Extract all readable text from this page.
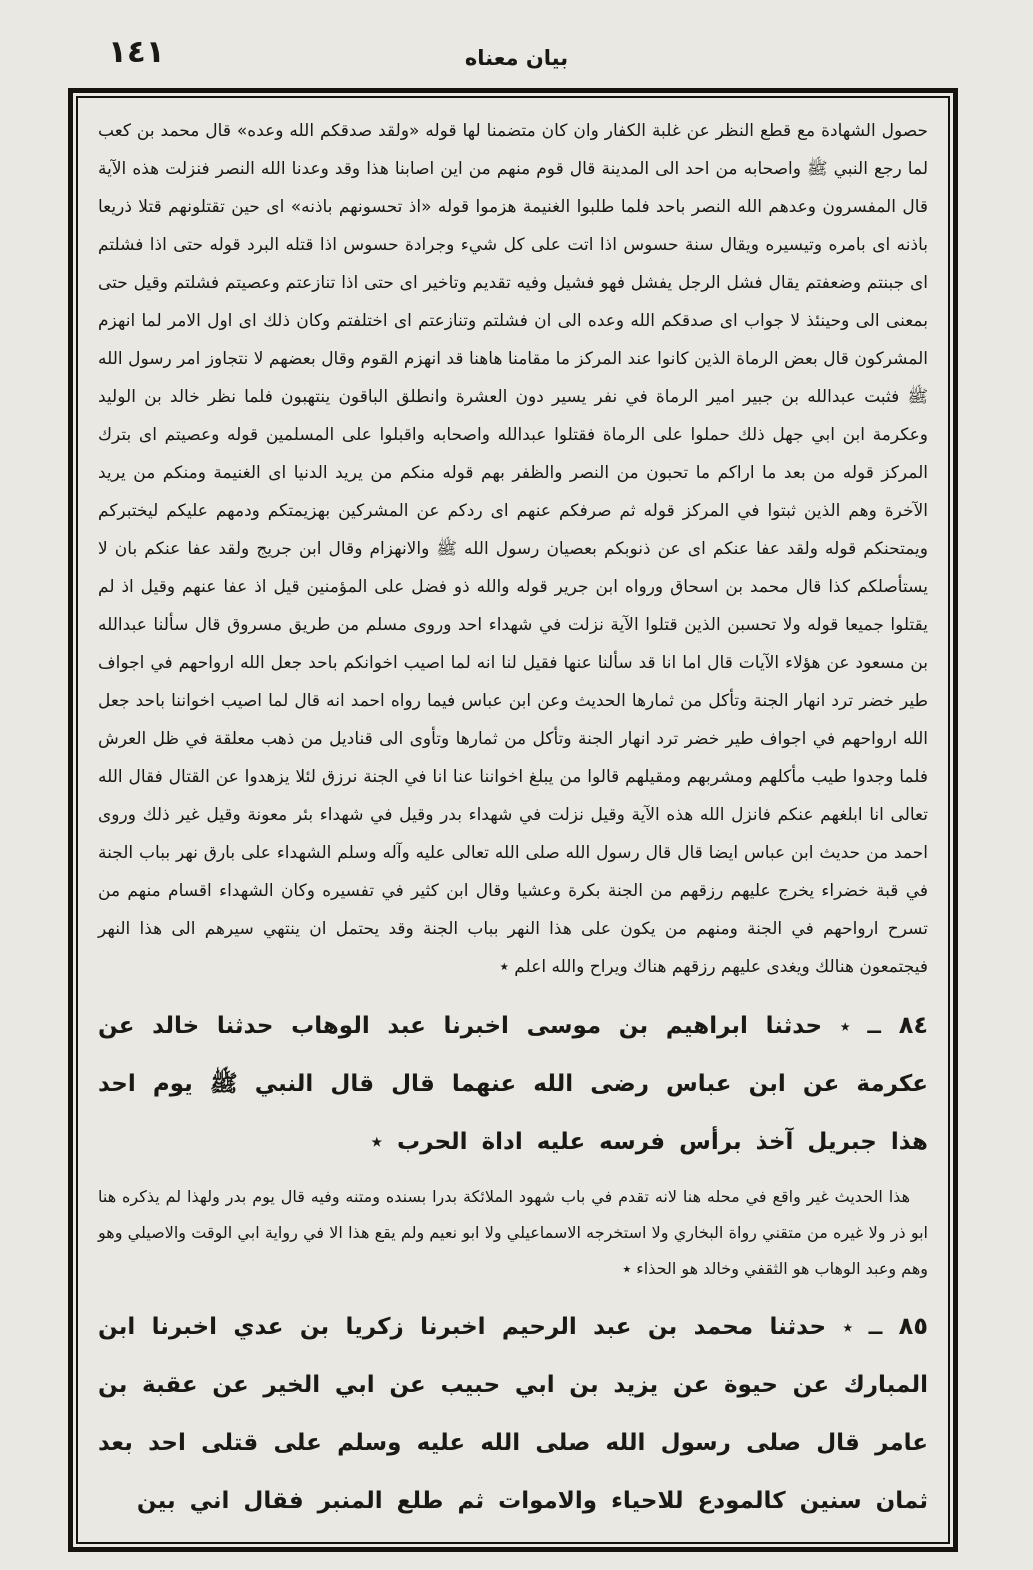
١٤١	بيان معناه

حصول الشهادة مع قطع النظر عن غلبة الكفار وان كان متضمنا لها قوله «ولقد صدقكم الله وعده» قال محمد بن كعب لما رجع النبي ﷺ واصحابه من احد الى المدينة قال قوم منهم من اين اصابنا هذا وقد وعدنا الله النصر فنزلت هذه الآية قال المفسرون وعدهم الله النصر باحد فلما طلبوا الغنيمة هزموا قوله «اذ تحسونهم باذنه» اى حين تقتلونهم قتلا ذريعا باذنه اى بامره وتيسيره ويقال سنة حسوس اذا اتت على كل شيء وجرادة حسوس اذا قتله البرد قوله حتى اذا فشلتم اى جبنتم وضعفتم يقال فشل الرجل يفشل فهو فشيل وفيه تقديم وتاخير اى حتى اذا تنازعتم وعصيتم فشلتم وقيل حتى بمعنى الى وحينئذ لا جواب اى صدقكم الله وعده الى ان فشلتم وتنازعتم اى اختلفتم وكان ذلك اى اول الامر لما انهزم المشركون قال بعض الرماة الذين كانوا عند المركز ما مقامنا هاهنا قد انهزم القوم وقال بعضهم لا نتجاوز امر رسول الله ﷺ فثبت عبدالله بن جبير امير الرماة في نفر يسير دون العشرة وانطلق الباقون ينتهبون فلما نظر خالد بن الوليد وعكرمة ابن ابي جهل ذلك حملوا على الرماة فقتلوا عبدالله واصحابه واقبلوا على المسلمين قوله وعصيتم اى بترك المركز قوله من بعد ما اراكم ما تحبون من النصر والظفر بهم قوله منكم من يريد الدنيا اى الغنيمة ومنكم من يريد الآخرة وهم الذين ثبتوا في المركز قوله ثم صرفكم عنهم اى ردكم عن المشركين بهزيمتكم ودمهم عليكم ليختبركم ويمتحنكم قوله ولقد عفا عنكم اى عن ذنوبكم بعصيان رسول الله ﷺ والانهزام وقال ابن جريج ولقد عفا عنكم بان لا يستأصلكم كذا قال محمد بن اسحاق ورواه ابن جرير قوله والله ذو فضل على المؤمنين قيل اذ عفا عنهم وقيل اذ لم يقتلوا جميعا قوله ولا تحسبن الذين قتلوا الآية نزلت في شهداء احد وروى مسلم من طريق مسروق قال سألنا عبدالله بن مسعود عن هؤلاء الآيات قال اما انا قد سألنا عنها فقيل لنا انه لما اصيب اخوانكم باحد جعل الله ارواحهم في اجواف طير خضر ترد انهار الجنة وتأكل من ثمارها الحديث وعن ابن عباس فيما رواه احمد انه قال لما اصيب اخواننا باحد جعل الله ارواحهم في اجواف طير خضر ترد انهار الجنة وتأكل من ثمارها وتأوى الى قناديل من ذهب معلقة في ظل العرش فلما وجدوا طيب مأكلهم ومشربهم ومقيلهم قالوا من يبلغ اخواننا عنا انا في الجنة نرزق لئلا يزهدوا عن القتال فقال الله تعالى انا ابلغهم عنكم فانزل الله هذه الآية وقيل نزلت في شهداء بدر وقيل في شهداء بئر معونة وقيل غير ذلك وروى احمد من حديث ابن عباس ايضا قال قال رسول الله صلى الله تعالى عليه وآله وسلم الشهداء على بارق نهر بباب الجنة في قبة خضراء يخرج عليهم رزقهم من الجنة بكرة وعشيا وقال ابن كثير في تفسيره وكان الشهداء اقسام منهم من تسرح ارواحهم في الجنة ومنهم من يكون على هذا النهر بباب الجنة وقد يحتمل ان ينتهي سيرهم الى هذا النهر فيجتمعون هنالك ويغدى عليهم رزقهم هناك ويراح والله اعلم ٭

٨٤ ــ ٭ حدثنا ابراهيم بن موسى اخبرنا عبد الوهاب حدثنا خالد عن عكرمة عن ابن عباس رضى الله عنهما قال قال النبي ﷺ يوم احد هذا جبريل آخذ برأس فرسه عليه اداة الحرب ٭

هذا الحديث غير واقع في محله هنا لانه تقدم في باب شهود الملائكة بدرا بسنده ومتنه وفيه قال يوم بدر ولهذا لم يذكره هنا ابو ذر ولا غيره من متقني رواة البخاري ولا استخرجه الاسماعيلي ولا ابو نعيم ولم يقع هذا الا في رواية ابي الوقت والاصيلي وهو وهم وعبد الوهاب هو الثقفي وخالد هو الحذاء ٭

٨٥ ــ ٭ حدثنا محمد بن عبد الرحيم اخبرنا زكريا بن عدي اخبرنا ابن المبارك عن حيوة عن يزيد بن ابي حبيب عن ابي الخير عن عقبة بن عامر قال صلى رسول الله صلى الله عليه وسلم على قتلى احد بعد ثمان سنين كالمودع للاحياء والاموات ثم طلع المنبر فقال اني بين
